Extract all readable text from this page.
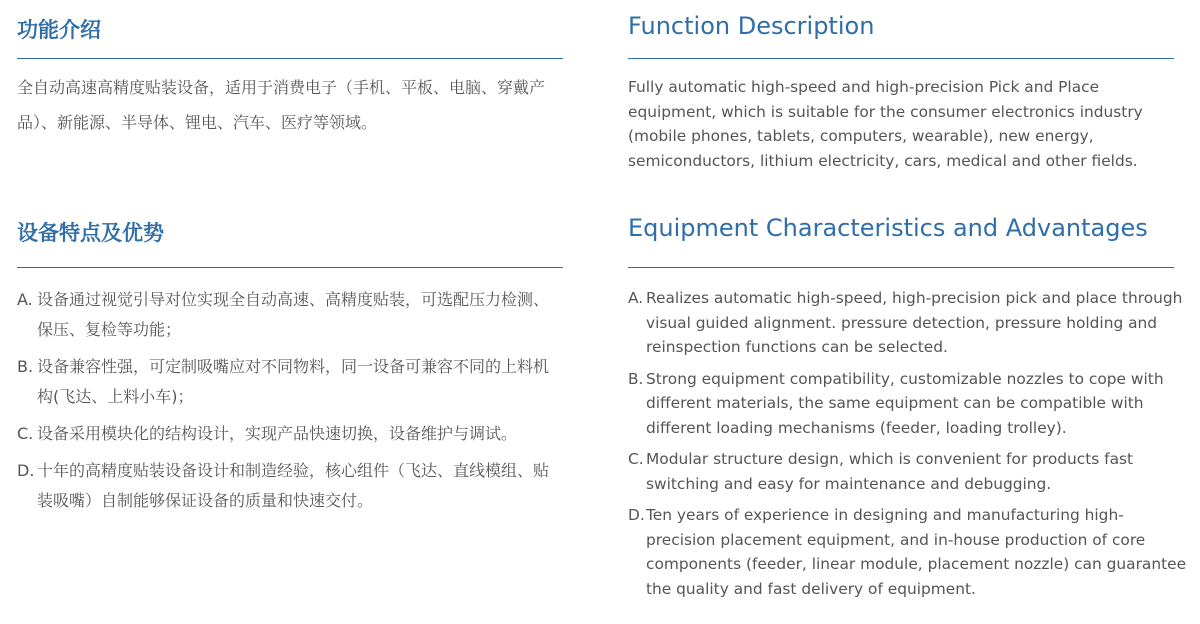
功能介绍

全自动高速高精度贴装设备，适用于消费电子（手机、平板、电脑、穿戴产品）、新能源、半导体、锂电、汽车、医疗等领域。

设备特点及优势
A. 设备通过视觉引导对位实现全自动高速、高精度贴装，可选配压力检测、保压、复检等功能；
B. 设备兼容性强，可定制吸嘴应对不同物料，同一设备可兼容不同的上料机构(飞达、上料小车)；
C. 设备采用模块化的结构设计，实现产品快速切换，设备维护与调试。
D. 十年的高精度贴装设备设计和制造经验，核心组件（飞达、直线模组、贴装吸嘴）自制能够保证设备的质量和快速交付。
Function Description

Fully automatic high-speed and high-precision Pick and Place equipment, which is suitable for the consumer electronics industry (mobile phones, tablets, computers, wearable), new energy, semiconductors, lithium electricity, cars, medical and other fields.

Equipment Characteristics and Advantages
A. Realizes automatic high-speed, high-precision pick and place through visual guided alignment. pressure detection, pressure holding and reinspection functions can be selected.
B. Strong equipment compatibility, customizable nozzles to cope with different materials, the same equipment can be compatible with different loading mechanisms (feeder, loading trolley).
C. Modular structure design, which is convenient for products fast switching and easy for maintenance and debugging.
D. Ten years of experience in designing and manufacturing high-precision placement equipment, and in-house production of core components (feeder, linear module, placement nozzle) can guarantee the quality and fast delivery of equipment.
